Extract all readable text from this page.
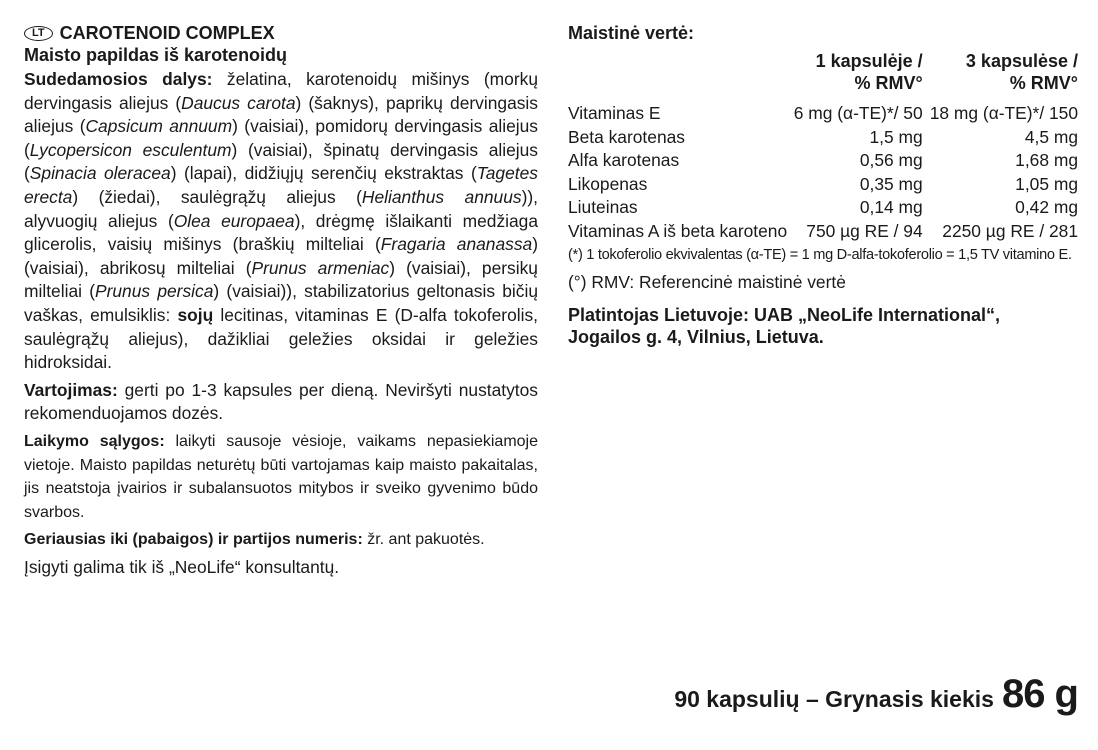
LT CAROTENOID COMPLEX
Maisto papildas iš karotenoidų
Sudedamosios dalys: želatina, karotenoidų mišinys (morkų dervingasis aliejus (Daucus carota) (šaknys), paprikų dervingasis aliejus (Capsicum annuum) (vaisiai), pomidorų dervingasis aliejus (Lycopersicon esculentum) (vaisiai), špinatų dervingasis aliejus (Spinacia oleracea) (lapai), didžiųjų serenčių ekstraktas (Tagetes erecta) (žiedai), saulėgrąžų aliejus (Helianthus annuus)), alyvuogių aliejus (Olea europaea), drėgmę išlaikanti medžiaga glicerolis, vaisių mišinys (braškių milteliai (Fragaria ananassa) (vaisiai), abrikosų milteliai (Prunus armeniac) (vaisiai), persikų milteliai (Prunus persica) (vaisiai)), stabilizatorius geltonasis bičių vaškas, emulsiklis: sojų lecitinas, vitaminas E (D-alfa tokoferolis, saulėgrąžų aliejus), dažikliai geležies oksidai ir geležies hidroksidai.
Vartojimas: gerti po 1-3 kapsules per dieną. Neviršyti nustatytos rekomenduojamos dozės.
Laikymo sąlygos: laikyti sausoje vėsioje, vaikams nepasiekiamoje vietoje. Maisto papildas neturėtų būti vartojamas kaip maisto pakaitalas, jis neatstoja įvairios ir subalansuotos mitybos ir sveiko gyvenimo būdo svarbos.
Geriausias iki (pabaigos) ir partijos numeris: žr. ant pakuotės.
Įsigyti galima tik iš „NeoLife“ konsultantų.
Maistinė vertė:
	1 kapsulėje /
% RMV°	3 kapsulėse /
% RMV°

Vitaminas E	6 mg (α-TE)*/ 50	18 mg (α-TE)*/ 150
Beta karotenas	1,5 mg	4,5 mg
Alfa karotenas	0,56 mg	1,68 mg
Likopenas	0,35 mg	1,05 mg
Liuteinas	0,14 mg	0,42 mg
Vitaminas A iš beta karoteno	750 µg RE / 94	2250 µg RE / 281
(*) 1 tokoferolio ekvivalentas (α-TE) = 1 mg D-alfa-tokoferolio = 1,5 TV vitamino E.
(°) RMV: Referencinė maistinė vertė
Platintojas Lietuvoje: UAB „NeoLife International“,
Jogailos g. 4, Vilnius, Lietuva.
90 kapsulių – Grynasis kiekis 86 g
